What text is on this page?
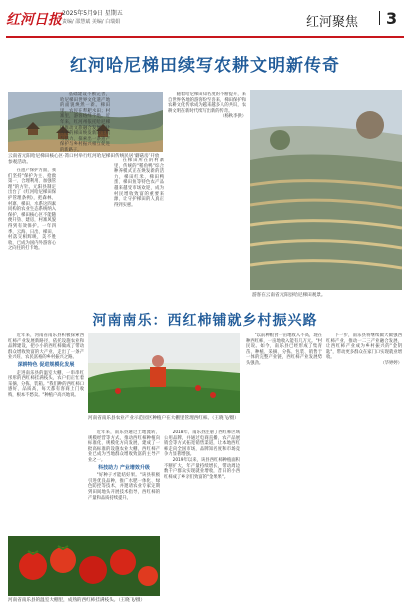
红河日报 2025年5月9日 星期五
责编/ 邵慧斌 美编/ 白瑞娟	红河聚焦 3
红河哈尼梯田续写农耕文明新传奇
云南省元阳哈尼梯田核心区·箐口村举行红河哈尼梯田传统民居‘蘑菇房’开放参观活动。

在遗产保护方面，我们坚持"保护为主、抢救第一、合理利用、加强管理"的方针。元阳县制定出台了《红河哈尼梯田保护管理条例》，把森林、村寨、梯田、水系这四素同构的农业生态系统纳入保护，梯田核心区不能随便开垦、建房，村寨风貌得到有效保护。一年四季，云海、日出、梯田、村落交相辉映，美不胜收，已成为国内外游客心之向往的打卡地。

基础建设不断完善，哈尼梯田世界文化遗产地的面貌焕然一新。梯田里，农民在犁耙水田；村寨里，游客络绎不绝。近年来，红河州依托哈尼梯田推动文旅融合发展，让古老的梯田焕发新的生机与活力，探索出一条遗产保护与乡村振兴相互促进的新路子。

在梯田所在的村寨里，传统的"稻鱼鸭"综合种养模式正在焕发新的活力，梯田红米、梯田鸭蛋、梯田鱼等特色农产品越来越受市场欢迎，成为村民增收致富的重要来源，让守护梯田的人真正得到实惠。

随着哈尼梯田知名度的不断提升，来自世界各地的游客纷至沓来，梯田保护和农耕文化传承成为越来越多人的共识，农耕文明在新时代续写出新的传奇。

（杨秋李供）

游客在云南省元阳县哈尼梯田观景。
河南南乐：西红柿铺就乡村振兴路

近年来，河南省南乐县积极探索西红柿产业发展新路径，依托设施农业和品牌建设，把小小的西红柿做成了带动群众增收致富的大产业，走出了一条产业兴旺、农民富裕的乡村振兴之路。

深耕特色 促进规模化发展

走进南乐县的温室大棚，一串串红彤彤的西红柿挂满枝头，农户们正忙着采摘、分拣、装箱。"我们种的西红柿口感好、品质高，每天都有客商上门收购，根本不愁卖。"种植户高兴地说。

河南省南乐县农业产业示范园区种植户在大棚里管理西红柿。（王晓飞/摄）

近年来，南乐县通过土地流转、规模经营等方式，推动西红柿种植向标准化、规模化方向发展，建成了一批高标准的设施农业大棚，西红柿产业已成为当地群众增收致富的主导产业之一。

科技助力 产业增效升级

"好种子才能结好果。"该县积极引进优良品种，推广水肥一体化、绿色防控等技术，并邀请农业专家定期到田间地头开展技术指导，西红柿的产量和品质持续提升。

2018年，南乐县注册了西红柿区域公用品牌，并通过电商直播、农产品展销会等方式拓宽销售渠道，让本地西红柿走向全国市场，品牌知名度和市场竞争力显著增强。

2019年以来，该县西红柿种植面积不断扩大，年产量持续增长，带动周边数千户群众实现就业增收，昔日的小西红柿成了乡亲们致富的"金果果"。

河南省南乐县的温室大棚里，成熟的西红柿挂满枝头。（王晓飞/摄）

"以前种粮食一亩地收入不高，现在种西红柿，一亩地收入能有几万元。"村民说。如今，南乐县已经形成了集育苗、种植、采摘、分拣、包装、销售于一体的完整产业链，西红柿产业发展势头强劲。

下一步，南乐县将继续做大做强西红柿产业，推动一二三产业融合发展，让西红柿产业成为乡村振兴的"金钥匙"，带动更多群众在家门口实现就业增收。

（毕婷婷）
